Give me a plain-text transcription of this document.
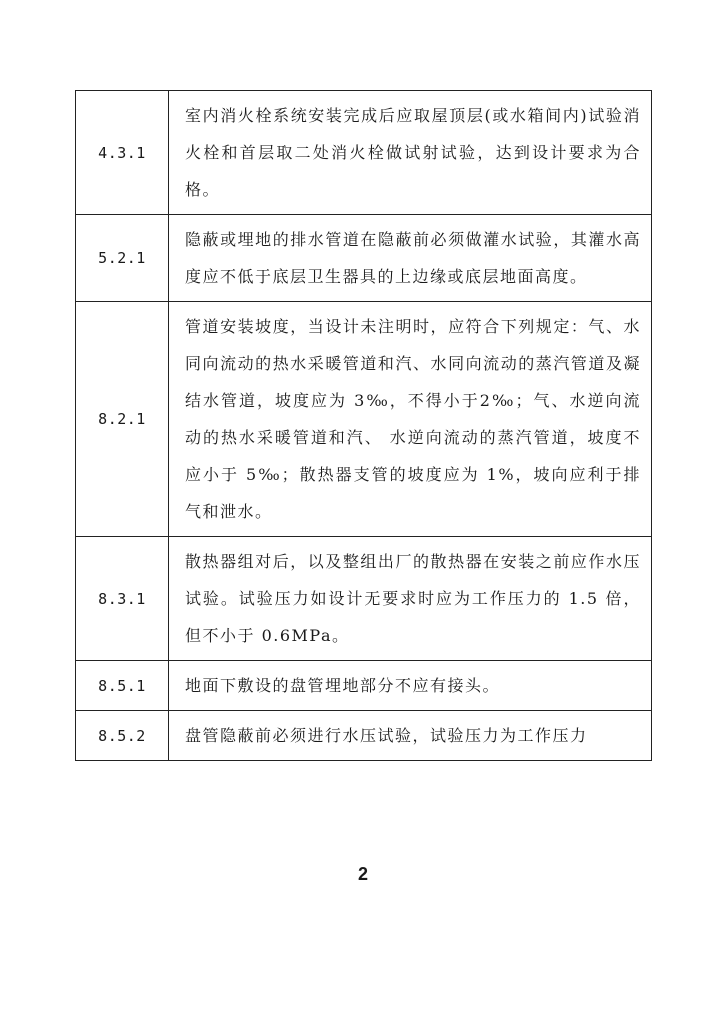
4.3.1	室内消火栓系统安装完成后应取屋顶层(或水箱间内)试验消火栓和首层取二处消火栓做试射试验，达到设计要求为合格。

5.2.1	隐蔽或埋地的排水管道在隐蔽前必须做灌水试验，其灌水高度应不低于底层卫生器具的上边缘或底层地面高度。

8.2.1	管道安装坡度，当设计未注明时，应符合下列规定：气、水同向流动的热水采暖管道和汽、水同向流动的蒸汽管道及凝结水管道，坡度应为 3‰，不得小于2‰；气、水逆向流动的热水采暖管道和汽、 水逆向流动的蒸汽管道，坡度不应小于 5‰；散热器支管的坡度应为 1%，坡向应利于排气和泄水。

8.3.1	散热器组对后，以及整组出厂的散热器在安装之前应作水压试验。试验压力如设计无要求时应为工作压力的 1.5 倍，但不小于 0.6MPa。

8.5.1	地面下敷设的盘管埋地部分不应有接头。

8.5.2	盘管隐蔽前必须进行水压试验，试验压力为工作压力

2
